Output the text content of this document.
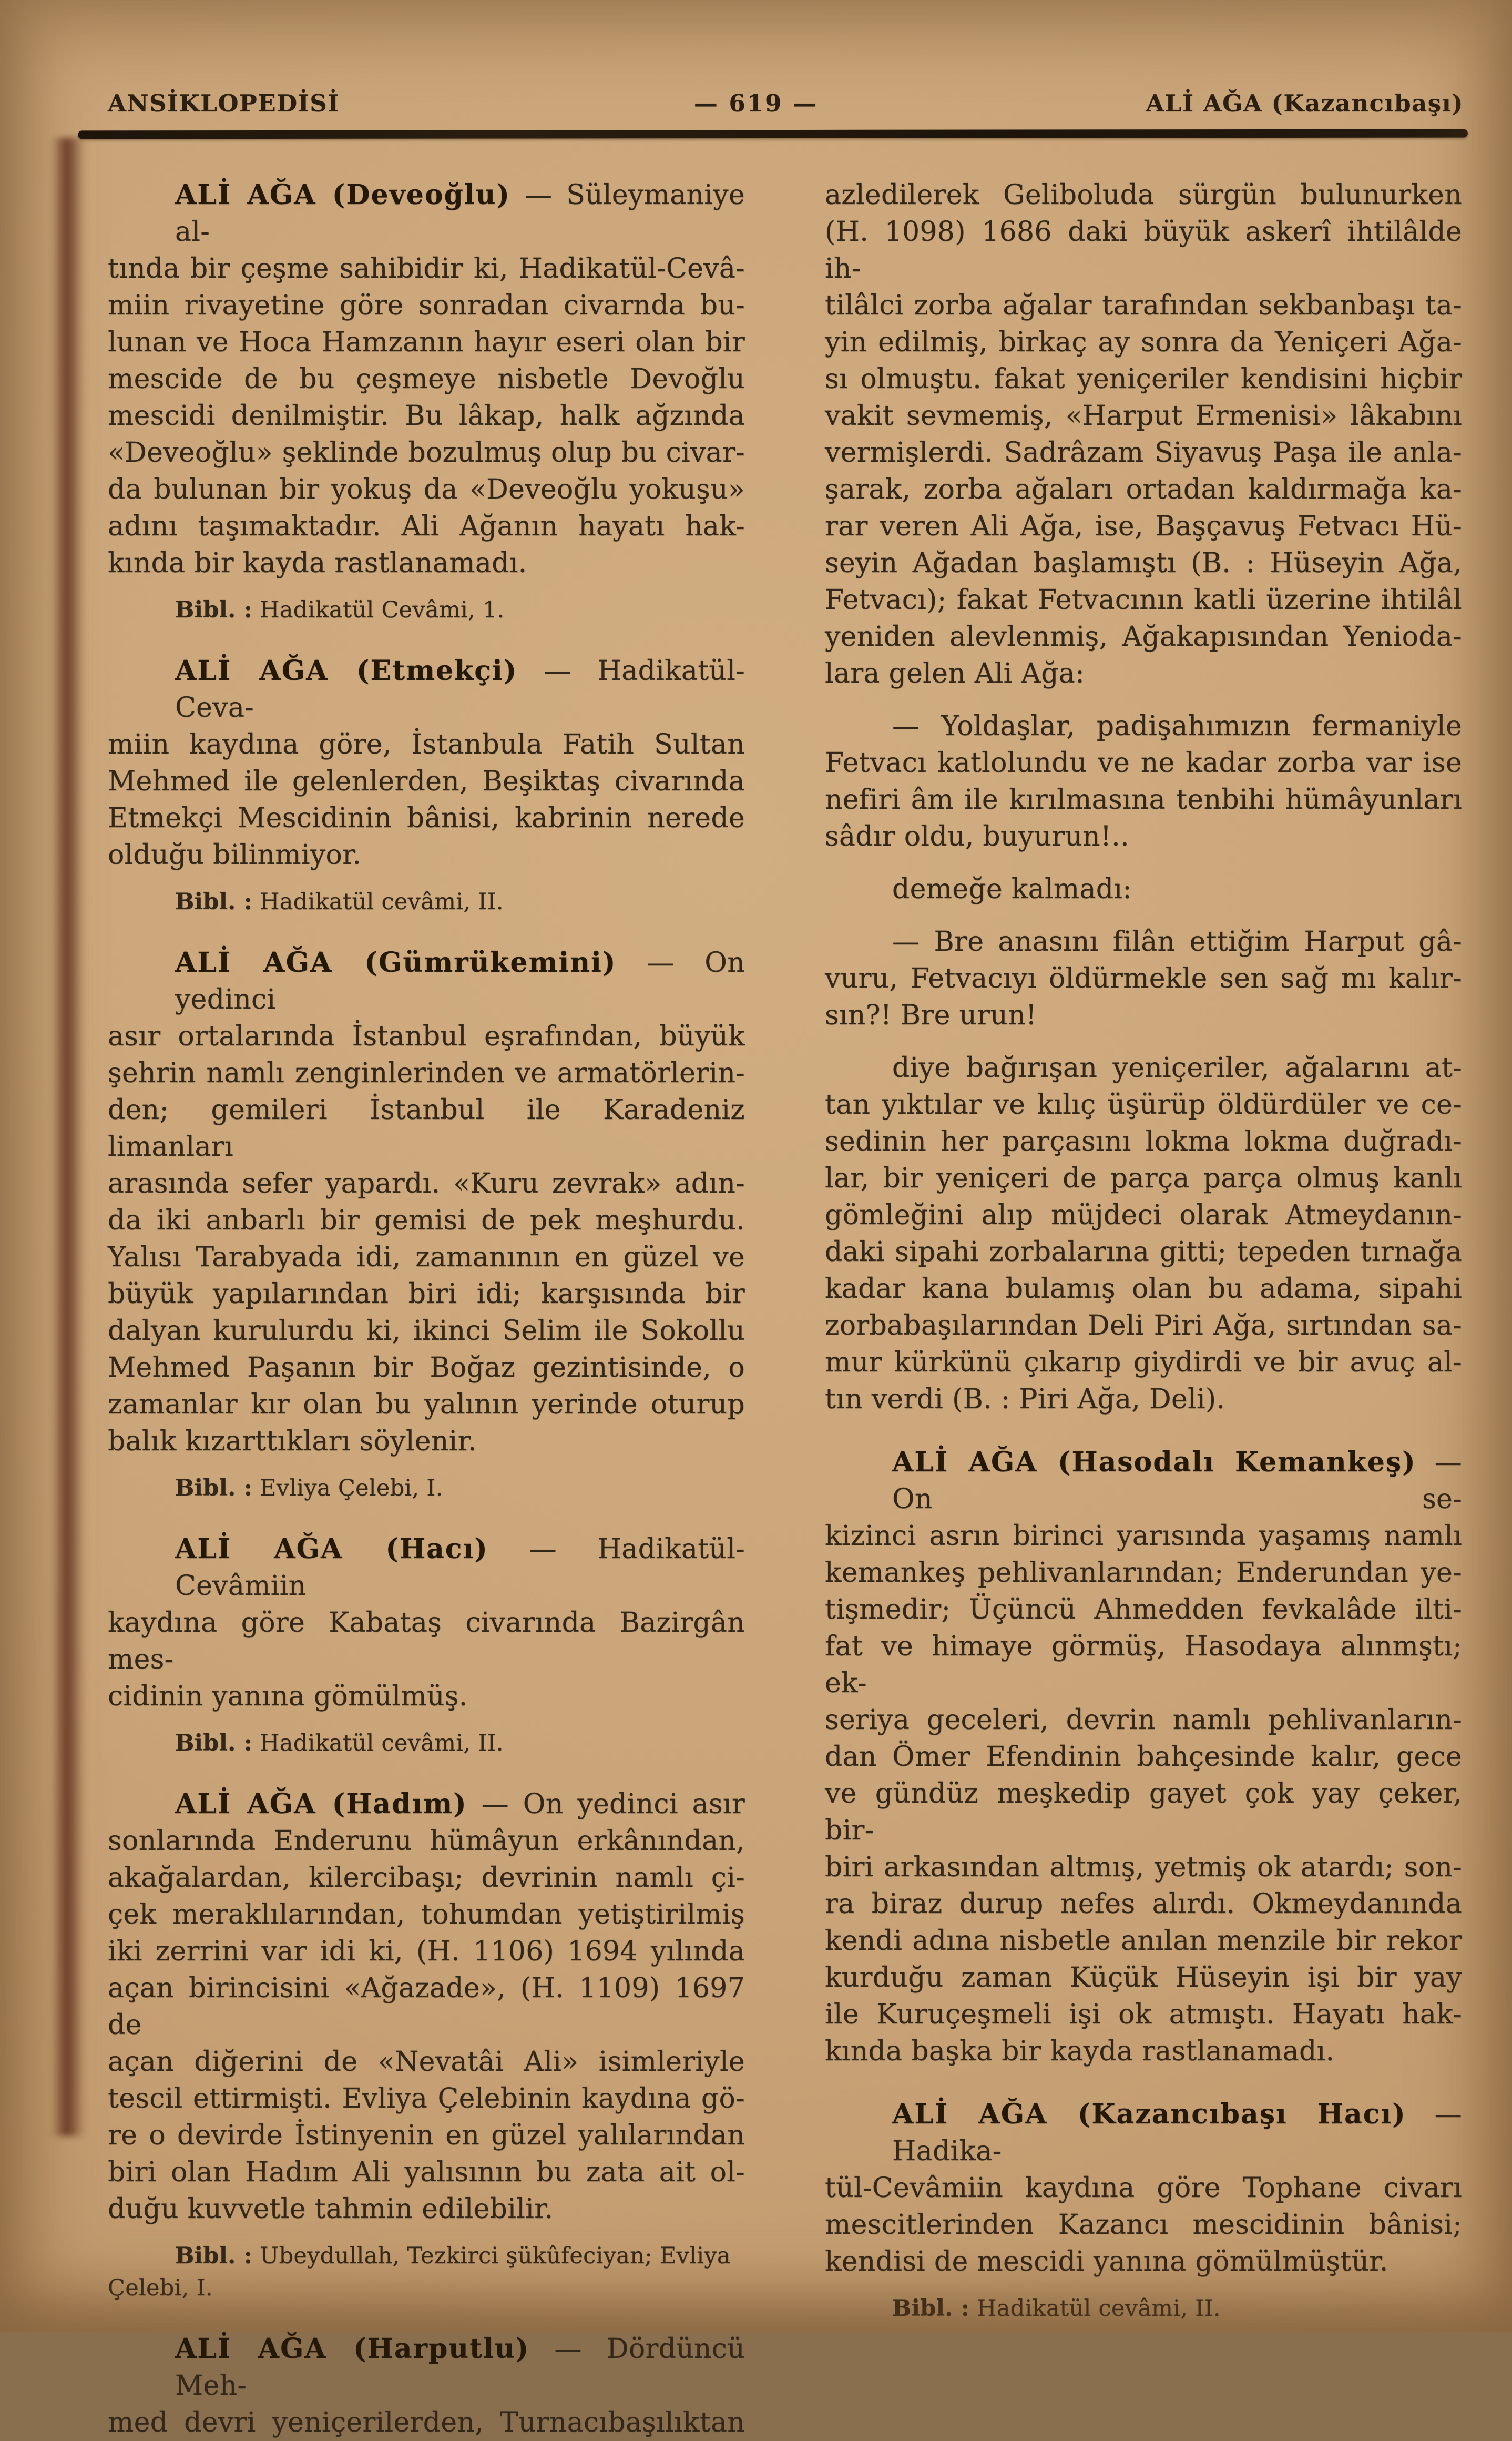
ANSİKLOPEDİSİ	— 619 —	ALİ AĞA (Kazancıbaşı)
ALİ AĞA (Deveoğlu) — Süleymaniye al-
tında bir çeşme sahibidir ki, Hadikatül-Cevâ-
miin rivayetine göre sonradan civarnda bu-
lunan ve Hoca Hamzanın hayır eseri olan bir
mescide de bu çeşmeye nisbetle Devoğlu
mescidi denilmiştir. Bu lâkap, halk ağzında
«Deveoğlu» şeklinde bozulmuş olup bu civar-
da bulunan bir yokuş da «Deveoğlu yokuşu»
adını taşımaktadır. Ali Ağanın hayatı hak-
kında bir kayda rastlanamadı.
Bibl. : Hadikatül Cevâmi, 1.
ALİ AĞA (Etmekçi) — Hadikatül-Ceva-
miin kaydına göre, İstanbula Fatih Sultan
Mehmed ile gelenlerden, Beşiktaş civarında
Etmekçi Mescidinin bânisi, kabrinin nerede
olduğu bilinmiyor.
Bibl. : Hadikatül cevâmi, II.
ALİ AĞA (Gümrükemini) — On yedinci
asır ortalarında İstanbul eşrafından, büyük
şehrin namlı zenginlerinden ve armatörlerin-
den; gemileri İstanbul ile Karadeniz limanları
arasında sefer yapardı. «Kuru zevrak» adın-
da iki anbarlı bir gemisi de pek meşhurdu.
Yalısı Tarabyada idi, zamanının en güzel ve
büyük yapılarından biri idi; karşısında bir
dalyan kurulurdu ki, ikinci Selim ile Sokollu
Mehmed Paşanın bir Boğaz gezintisinde, o
zamanlar kır olan bu yalının yerinde oturup
balık kızarttıkları söylenir.
Bibl. : Evliya Çelebi, I.
ALİ AĞA (Hacı) — Hadikatül-Cevâmiin
kaydına göre Kabataş civarında Bazirgân mes-
cidinin yanına gömülmüş.
Bibl. : Hadikatül cevâmi, II.
ALİ AĞA (Hadım) — On yedinci asır
sonlarında Enderunu hümâyun erkânından,
akağalardan, kilercibaşı; devrinin namlı çi-
çek meraklılarından, tohumdan yetiştirilmiş
iki zerrini var idi ki, (H. 1106) 1694 yılında
açan birincisini «Ağazade», (H. 1109) 1697 de
açan diğerini de «Nevatâi Ali» isimleriyle
tescil ettirmişti. Evliya Çelebinin kaydına gö-
re o devirde İstinyenin en güzel yalılarından
biri olan Hadım Ali yalısının bu zata ait ol-
duğu kuvvetle tahmin edilebilir.
Bibl. : Ubeydullah, Tezkirci şükûfeciyan; Evliya
Çelebi, I.
ALİ AĞA (Harputlu) — Dördüncü Meh-
med devri yeniçerilerden, Turnacıbaşılıktan
azledilerek Geliboluda sürgün bulunurken
(H. 1098) 1686 daki büyük askerî ihtilâlde ih-
tilâlci zorba ağalar tarafından sekbanbaşı ta-
yin edilmiş, birkaç ay sonra da Yeniçeri Ağa-
sı olmuştu. fakat yeniçeriler kendisini hiçbir
vakit sevmemiş, «Harput Ermenisi» lâkabını
vermişlerdi. Sadrâzam Siyavuş Paşa ile anla-
şarak, zorba ağaları ortadan kaldırmağa ka-
rar veren Ali Ağa, ise, Başçavuş Fetvacı Hü-
seyin Ağadan başlamıştı (B. : Hüseyin Ağa,
Fetvacı); fakat Fetvacının katli üzerine ihtilâl
yeniden alevlenmiş, Ağakapısından Yenioda-
lara gelen Ali Ağa:
— Yoldaşlar, padişahımızın fermaniyle
Fetvacı katlolundu ve ne kadar zorba var ise
nefiri âm ile kırılmasına tenbihi hümâyunları
sâdır oldu, buyurun!..
demeğe kalmadı:
— Bre anasını filân ettiğim Harput gâ-
vuru, Fetvacıyı öldürmekle sen sağ mı kalır-
sın?! Bre urun!
diye bağırışan yeniçeriler, ağalarını at-
tan yıktılar ve kılıç üşürüp öldürdüler ve ce-
sedinin her parçasını lokma lokma duğradı-
lar, bir yeniçeri de parça parça olmuş kanlı
gömleğini alıp müjdeci olarak Atmeydanın-
daki sipahi zorbalarına gitti; tepeden tırnağa
kadar kana bulamış olan bu adama, sipahi
zorbabaşılarından Deli Piri Ağa, sırtından sa-
mur kürkünü çıkarıp giydirdi ve bir avuç al-
tın verdi (B. : Piri Ağa, Deli).
ALİ AĞA (Hasodalı Kemankeş) — On se-
kizinci asrın birinci yarısında yaşamış namlı
kemankeş pehlivanlarından; Enderundan ye-
tişmedir; Üçüncü Ahmedden fevkalâde ilti-
fat ve himaye görmüş, Hasodaya alınmştı; ek-
seriya geceleri, devrin namlı pehlivanların-
dan Ömer Efendinin bahçesinde kalır, gece
ve gündüz meşkedip gayet çok yay çeker, bir-
biri arkasından altmış, yetmiş ok atardı; son-
ra biraz durup nefes alırdı. Okmeydanında
kendi adına nisbetle anılan menzile bir rekor
kurduğu zaman Küçük Hüseyin işi bir yay
ile Kuruçeşmeli işi ok atmıştı. Hayatı hak-
kında başka bir kayda rastlanamadı.
ALİ AĞA (Kazancıbaşı Hacı) — Hadika-
tül-Cevâmiin kaydına göre Tophane civarı
mescitlerinden Kazancı mescidinin bânisi;
kendisi de mescidi yanına gömülmüştür.
Bibl. : Hadikatül cevâmi, II.
